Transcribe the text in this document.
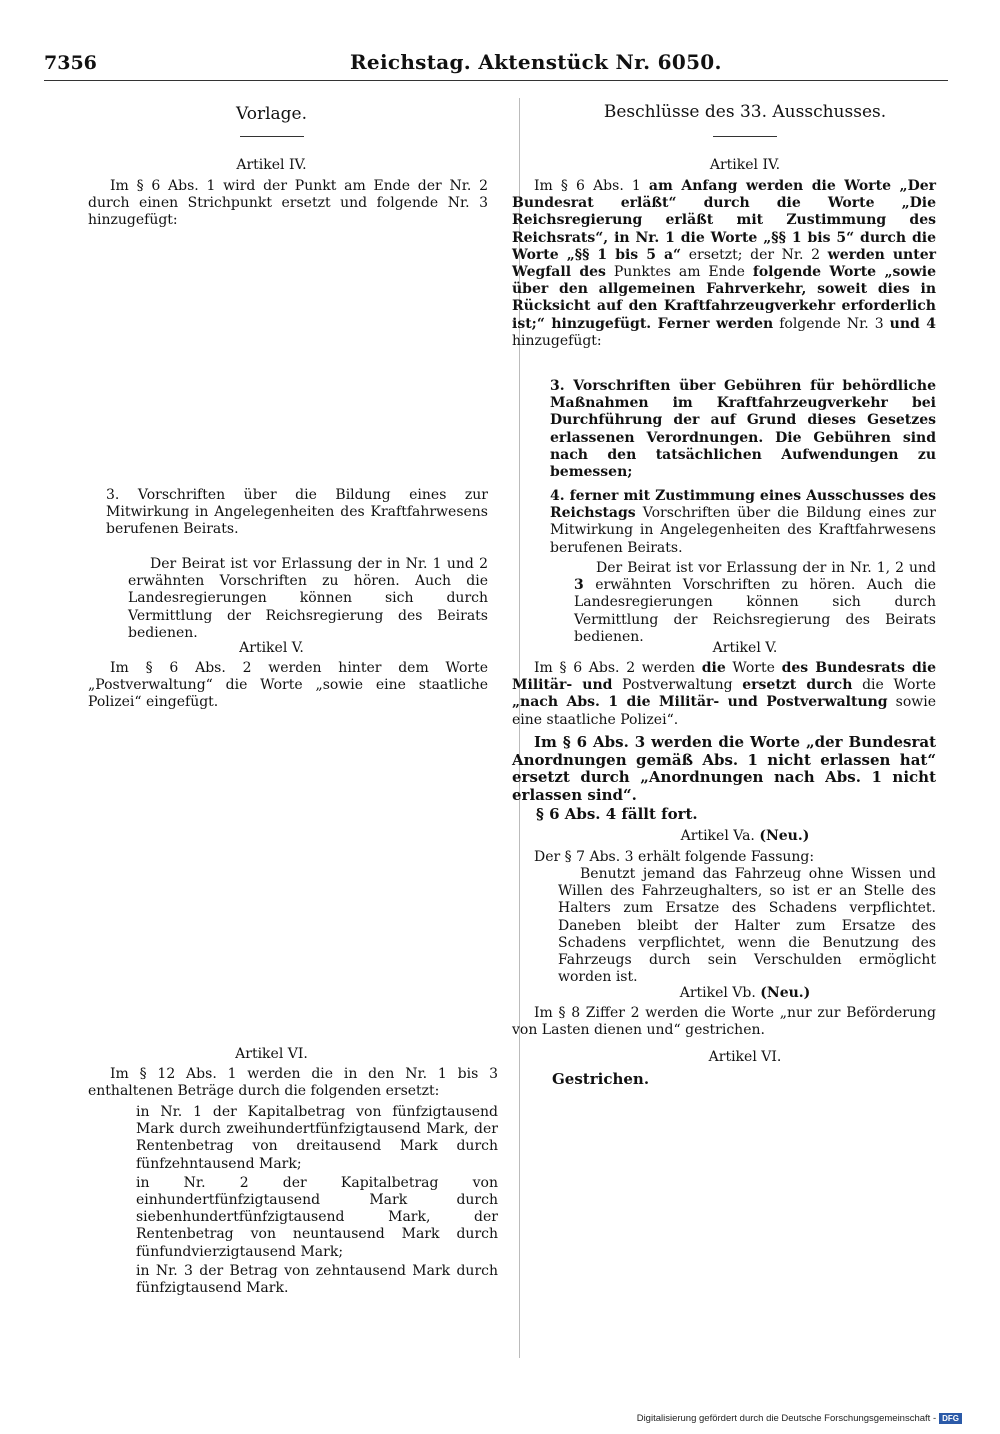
7356	Reichstag. Aktenstück Nr. 6050.
Vorlage.
Artikel IV.
Im § 6 Abs. 1 wird der Punkt am Ende der Nr. 2 durch einen Strichpunkt ersetzt und folgende Nr. 3 hinzugefügt:
3. Vorschriften über die Bildung eines zur Mitwirkung in Angelegenheiten des Kraftfahrwesens berufenen Beirats.
Der Beirat ist vor Erlassung der in Nr. 1 und 2 erwähnten Vorschriften zu hören. Auch die Landesregierungen können sich durch Vermittlung der Reichsregierung des Beirats bedienen.
Artikel V.
Im § 6 Abs. 2 werden hinter dem Worte „Postverwaltung“ die Worte „sowie eine staatliche Polizei“ eingefügt.
Artikel VI.
Im § 12 Abs. 1 werden die in den Nr. 1 bis 3 enthaltenen Beträge durch die folgenden ersetzt:
in Nr. 1 der Kapitalbetrag von fünfzigtausend Mark durch zweihundertfünfzigtausend Mark, der Rentenbetrag von dreitausend Mark durch fünfzehntausend Mark;
in Nr. 2 der Kapitalbetrag von einhundertfünfzigtausend Mark durch siebenhundertfünfzigtausend Mark, der Rentenbetrag von neuntausend Mark durch fünfundvierzigtausend Mark;
in Nr. 3 der Betrag von zehntausend Mark durch fünfzigtausend Mark.
Beschlüsse des 33. Ausschusses.
Artikel IV.
Im § 6 Abs. 1 am Anfang werden die Worte „Der Bundesrat erläßt“ durch die Worte „Die Reichsregierung erläßt mit Zustimmung des Reichsrats“, in Nr. 1 die Worte „§§ 1 bis 5“ durch die Worte „§§ 1 bis 5 a“ ersetzt; der Nr. 2 werden unter Wegfall des Punktes am Ende folgende Worte „sowie über den allgemeinen Fahrverkehr, soweit dies in Rücksicht auf den Kraftfahrzeugverkehr erforderlich ist;“ hinzugefügt. Ferner werden folgende Nr. 3 und 4 hinzugefügt:
3. Vorschriften über Gebühren für behördliche Maßnahmen im Kraftfahrzeugverkehr bei Durchführung der auf Grund dieses Gesetzes erlassenen Verordnungen. Die Gebühren sind nach den tatsächlichen Aufwendungen zu bemessen;
4. ferner mit Zustimmung eines Ausschusses des Reichstags Vorschriften über die Bildung eines zur Mitwirkung in Angelegenheiten des Kraftfahrwesens berufenen Beirats.
Der Beirat ist vor Erlassung der in Nr. 1, 2 und 3 erwähnten Vorschriften zu hören. Auch die Landesregierungen können sich durch Vermittlung der Reichsregierung des Beirats bedienen.
Artikel V.
Im § 6 Abs. 2 werden die Worte des Bundesrats die Militär- und Postverwaltung ersetzt durch die Worte „nach Abs. 1 die Militär- und Postverwaltung sowie eine staatliche Polizei“.
Im § 6 Abs. 3 werden die Worte „der Bundesrat Anordnungen gemäß Abs. 1 nicht erlassen hat“ ersetzt durch „Anordnungen nach Abs. 1 nicht erlassen sind“.
§ 6 Abs. 4 fällt fort.
Artikel Va. (Neu.)
Der § 7 Abs. 3 erhält folgende Fassung:
Benutzt jemand das Fahrzeug ohne Wissen und Willen des Fahrzeughalters, so ist er an Stelle des Halters zum Ersatze des Schadens verpflichtet. Daneben bleibt der Halter zum Ersatze des Schadens verpflichtet, wenn die Benutzung des Fahrzeugs durch sein Verschulden ermöglicht worden ist.
Artikel Vb. (Neu.)
Im § 8 Ziffer 2 werden die Worte „nur zur Beförderung von Lasten dienen und“ gestrichen.
Artikel VI.
Gestrichen.
Digitalisierung gefördert durch die Deutsche Forschungsgemeinschaft - DFG
